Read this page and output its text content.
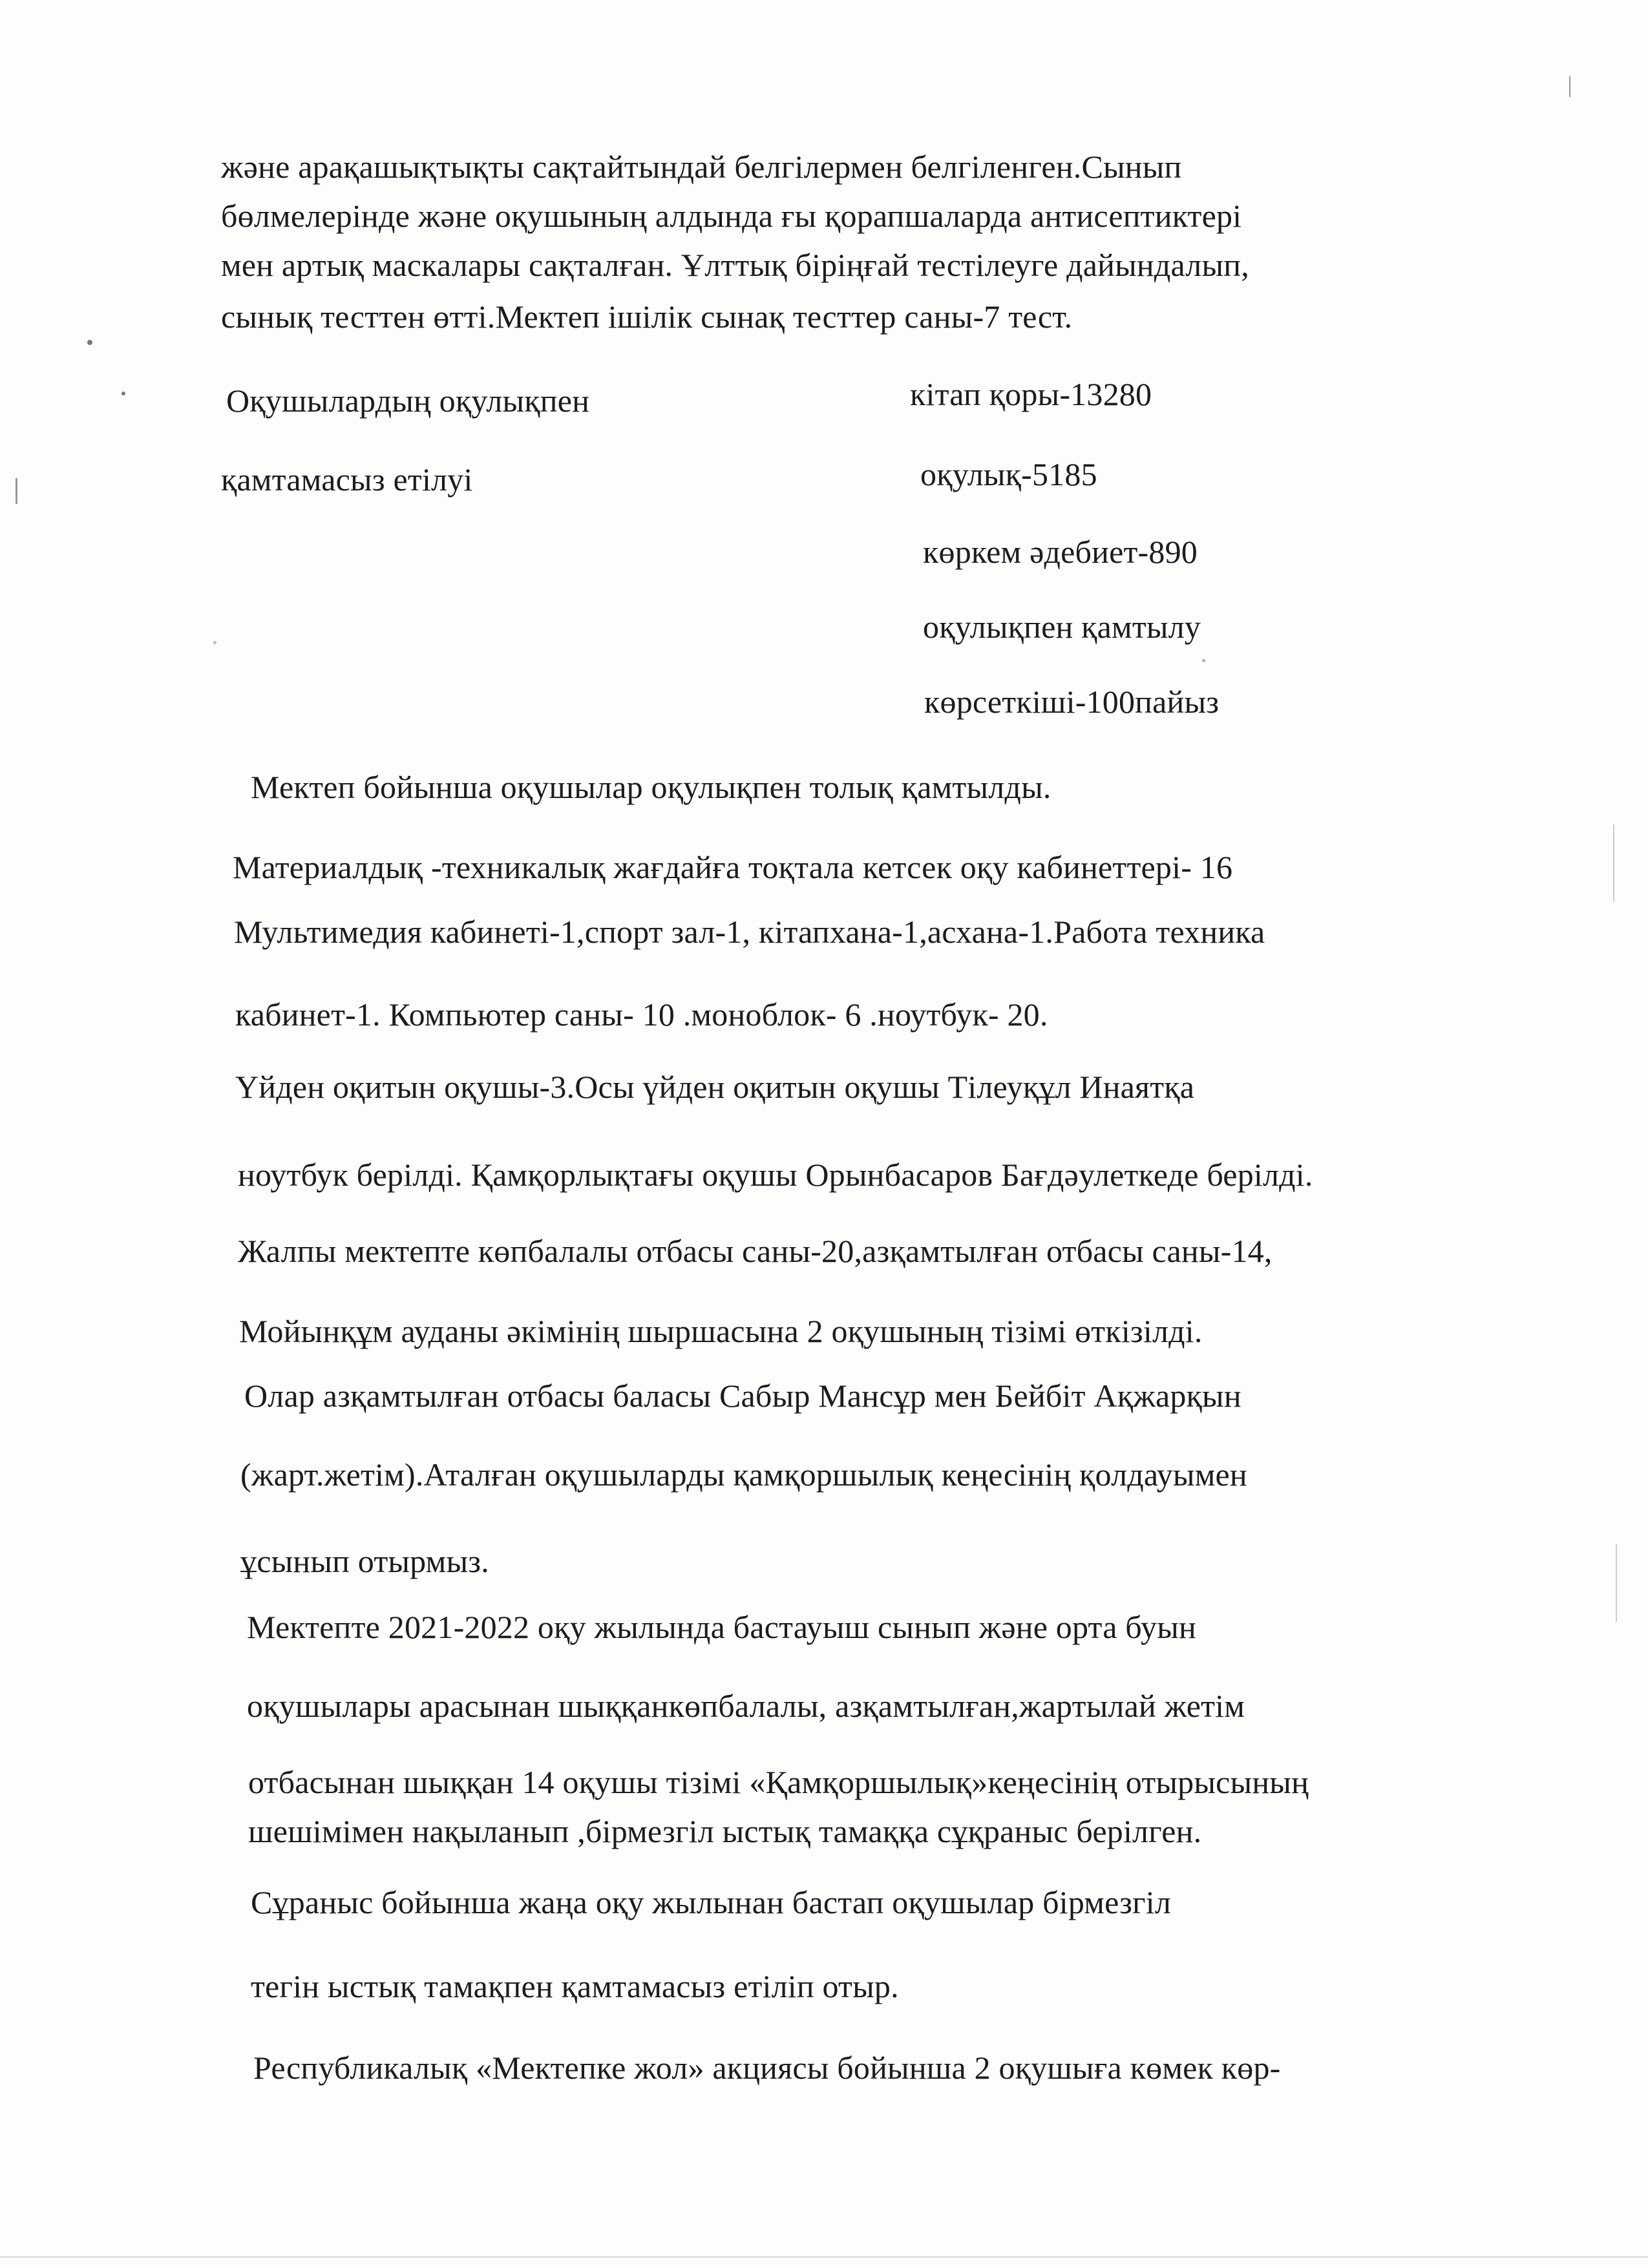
және арақашықтықты сақтайтындай белгілермен белгіленген.Сынып
бөлмелерінде және оқушының алдында ғы қорапшаларда антисептиктері
мен артық маскалары сақталған. Ұлттық біріңғай тестілеуге дайындалып,
сынық тесттен өтті.Мектеп ішілік сынақ тесттер саны-7 тест.
Оқушылардың оқулықпен
қамтамасыз етілуі
кітап қоры-13280
оқулық-5185
көркем әдебиет-890
оқулықпен қамтылу
көрсеткіші-100пайыз
Мектеп бойынша оқушылар оқулықпен толық қамтылды.
Материалдық -техникалық жағдайға тоқтала кетсек оқу кабинеттері- 16
Мультимедия кабинеті-1,спорт зал-1, кітапхана-1,асхана-1.Работа техника
кабинет-1. Компьютер саны- 10 .моноблок- 6 .ноутбук- 20.
Үйден оқитын оқушы-3.Осы үйден оқитын оқушы Тілеуқұл Инаятқа
ноутбук берілді. Қамқорлықтағы оқушы Орынбасаров Бағдәулеткеде берілді.
Жалпы мектепте көпбалалы отбасы саны-20,азқамтылған отбасы саны-14,
Мойынқұм ауданы әкімінің шыршасына 2 оқушының тізімі өткізілді.
Олар азқамтылған отбасы баласы Сабыр Мансұр мен Бейбіт Ақжарқын
(жарт.жетім).Аталған оқушыларды қамқоршылық кеңесінің қолдауымен
ұсынып отырмыз.
Мектепте 2021-2022 оқу жылында бастауыш сынып және орта буын
оқушылары арасынан шыққанкөпбалалы, азқамтылған,жартылай жетім
отбасынан шыққан 14 оқушы тізімі «Қамқоршылық»кеңесінің отырысының
шешімімен нақыланып ,бірмезгіл ыстық тамаққа сұқраныс берілген.
Сұраныс бойынша жаңа оқу жылынан бастап оқушылар бірмезгіл
тегін ыстық тамақпен қамтамасыз етіліп отыр.
Республикалық «Мектепке жол» акциясы бойынша 2 оқушыға көмек көр-
